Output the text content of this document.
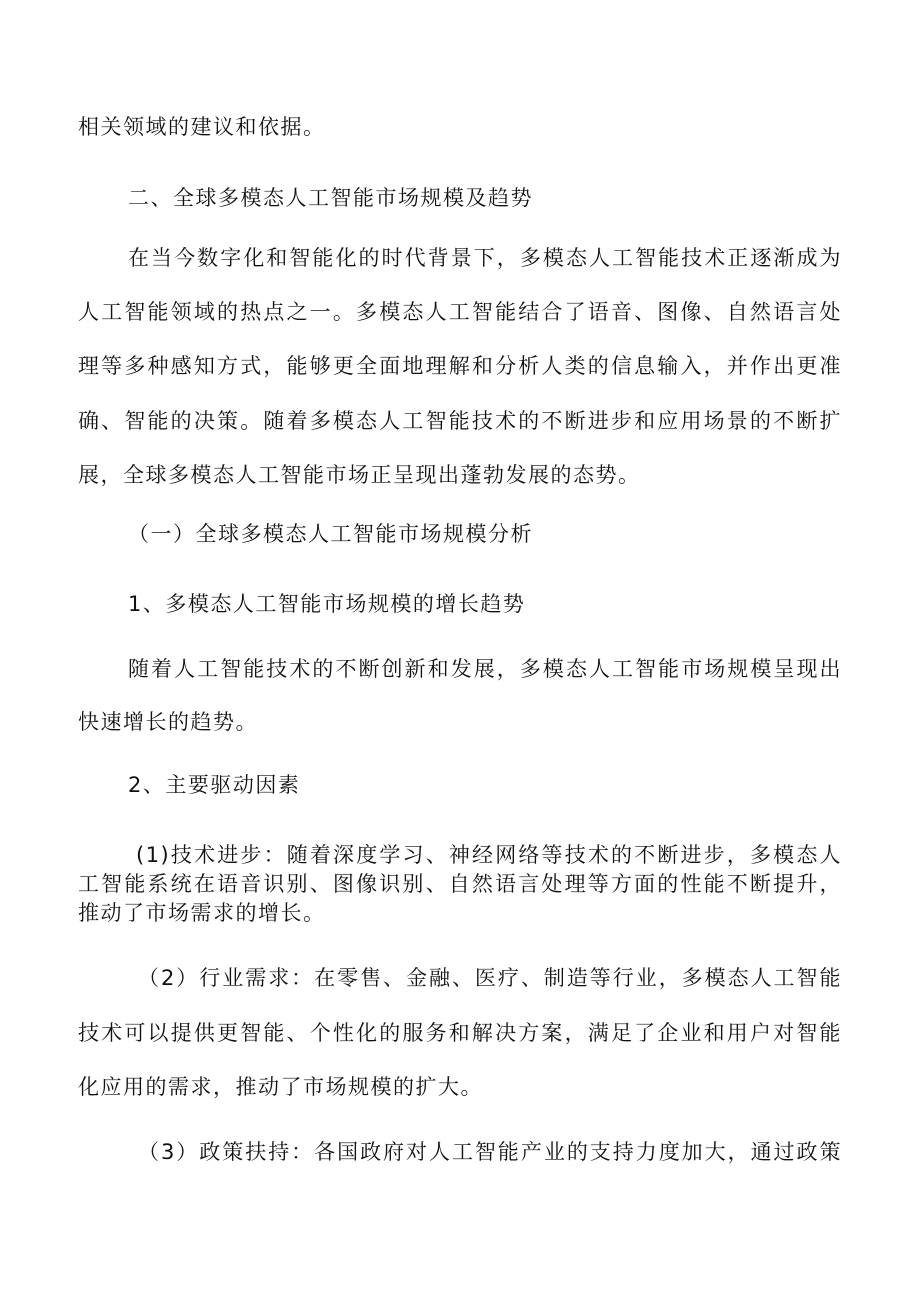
相关领域的建议和依据。

二、全球多模态人工智能市场规模及趋势

在当今数字化和智能化的时代背景下，多模态人工智能技术正逐渐成为

人工智能领域的热点之一。多模态人工智能结合了语音、图像、自然语言处

理等多种感知方式，能够更全面地理解和分析人类的信息输入，并作出更准

确、智能的决策。随着多模态人工智能技术的不断进步和应用场景的不断扩

展，全球多模态人工智能市场正呈现出蓬勃发展的态势。

（一）全球多模态人工智能市场规模分析

1、多模态人工智能市场规模的增长趋势

随着人工智能技术的不断创新和发展，多模态人工智能市场规模呈现出

快速增长的趋势。

2、主要驱动因素

(1)技术进步：随着深度学习、神经网络等技术的不断进步，多模态人

工智能系统在语音识别、图像识别、自然语言处理等方面的性能不断提升，

推动了市场需求的增长。

（2）行业需求：在零售、金融、医疗、制造等行业，多模态人工智能

技术可以提供更智能、个性化的服务和解决方案，满足了企业和用户对智能

化应用的需求，推动了市场规模的扩大。

（3）政策扶持：各国政府对人工智能产业的支持力度加大，通过政策
